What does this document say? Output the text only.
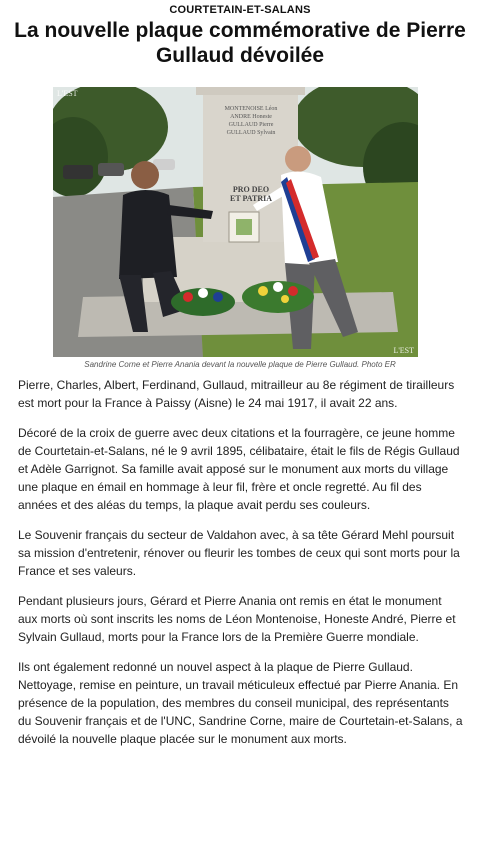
COURTETAIN-ET-SALANS
La nouvelle plaque commémorative de Pierre Gullaud dévoilée
MONTENOISE Léon
ANDRE Honeste
GULLAUD Pierre
GULLAUD Sylvain
PRO DEO
ET PATRIA
L'EST
L'EST
Sandrine Corne et Pierre Anania devant la nouvelle plaque de Pierre Gullaud. Photo ER

Pierre, Charles, Albert, Ferdinand, Gullaud, mitrailleur au 8e régiment de tirailleurs est mort pour la France à Paissy (Aisne) le 24 mai 1917, il avait 22 ans.

Décoré de la croix de guerre avec deux citations et la fourragère, ce jeune homme de Courtetain-et-Salans, né le 9 avril 1895, célibataire, était le fils de Régis Gullaud et Adèle Garrignot. Sa famille avait apposé sur le monument aux morts du village une plaque en émail en hommage à leur fil, frère et oncle regretté. Au fil des années et des aléas du temps, la plaque avait perdu ses couleurs.

Le Souvenir français du secteur de Valdahon avec, à sa tête Gérard Mehl poursuit sa mission d'entretenir, rénover ou fleurir les tombes de ceux qui sont morts pour la France et ses valeurs.

Pendant plusieurs jours, Gérard et Pierre Anania ont remis en état le monument aux morts où sont inscrits les noms de Léon Montenoise, Honeste André, Pierre et Sylvain Gullaud, morts pour la France lors de la Première Guerre mondiale.

Ils ont également redonné un nouvel aspect à la plaque de Pierre Gullaud. Nettoyage, remise en peinture, un travail méticuleux effectué par Pierre Anania. En présence de la population, des membres du conseil municipal, des représentants du Souvenir français et de l'UNC, Sandrine Corne, maire de Courtetain-et-Salans, a dévoilé la nouvelle plaque placée sur le monument aux morts.
